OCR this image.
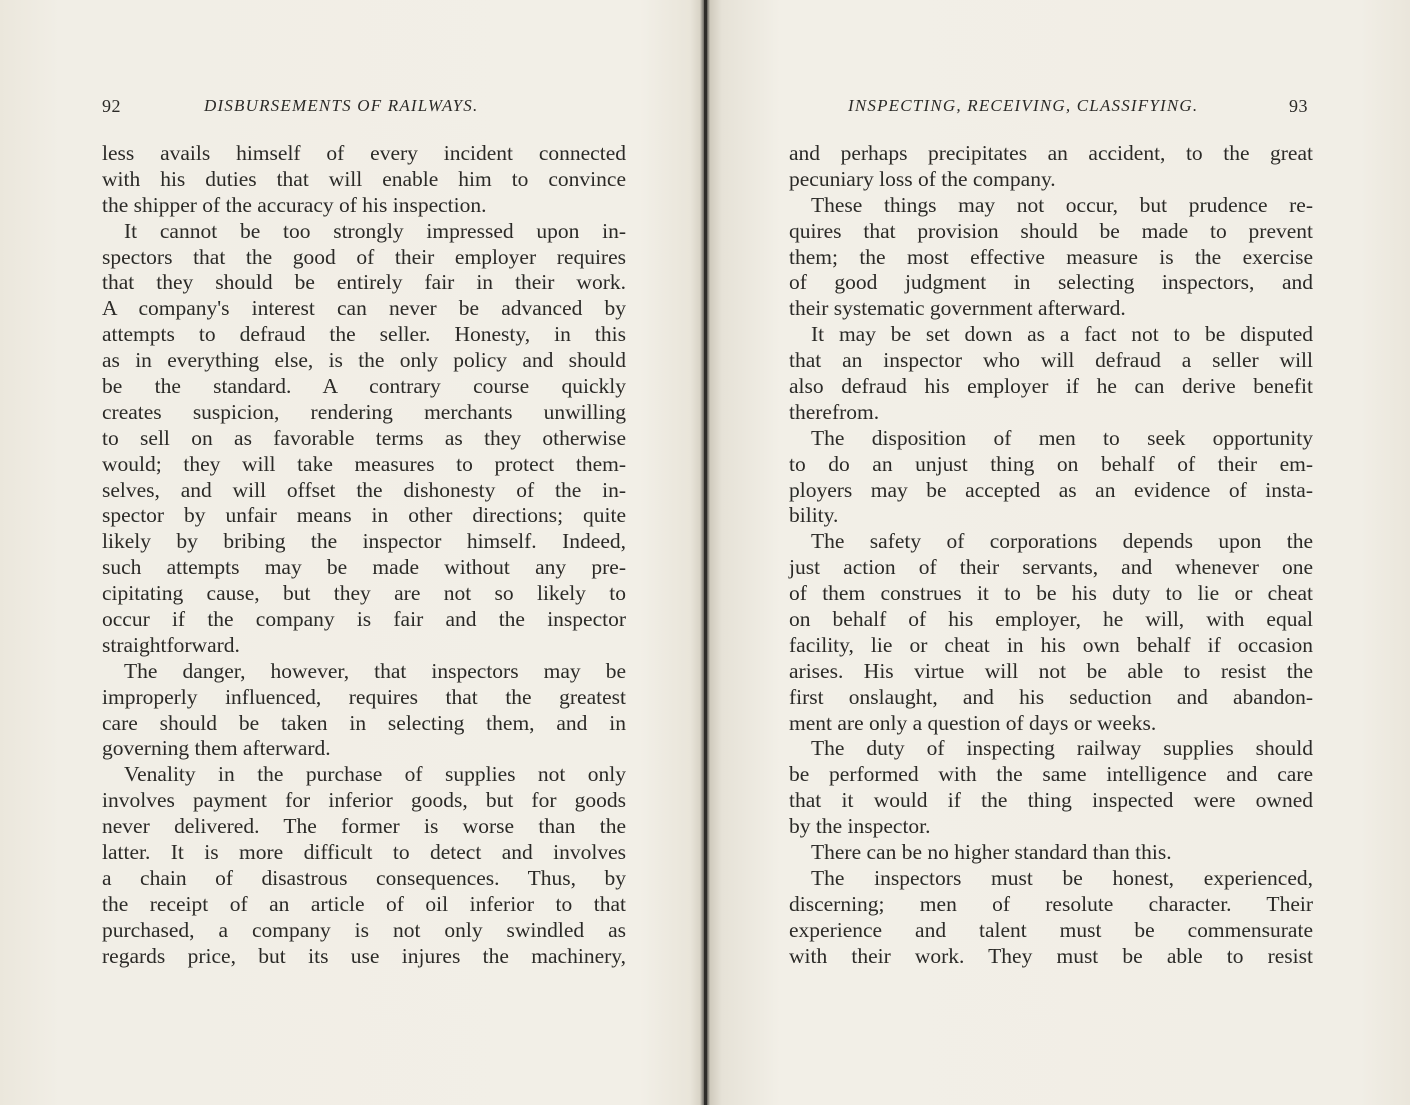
92	DISBURSEMENTS OF RAILWAYS.
less avails himself of every incident connected
with his duties that will enable him to convince
the shipper of the accuracy of his inspection.
It cannot be too strongly impressed upon in-
spectors that the good of their employer requires
that they should be entirely fair in their work.
A company's interest can never be advanced by
attempts to defraud the seller. Honesty, in this
as in everything else, is the only policy and should
be the standard. A contrary course quickly
creates suspicion, rendering merchants unwilling
to sell on as favorable terms as they otherwise
would; they will take measures to protect them-
selves, and will offset the dishonesty of the in-
spector by unfair means in other directions; quite
likely by bribing the inspector himself. Indeed,
such attempts may be made without any pre-
cipitating cause, but they are not so likely to
occur if the company is fair and the inspector
straightforward.
The danger, however, that inspectors may be
improperly influenced, requires that the greatest
care should be taken in selecting them, and in
governing them afterward.
Venality in the purchase of supplies not only
involves payment for inferior goods, but for goods
never delivered. The former is worse than the
latter. It is more difficult to detect and involves
a chain of disastrous consequences. Thus, by
the receipt of an article of oil inferior to that
purchased, a company is not only swindled as
regards price, but its use injures the machinery,
INSPECTING, RECEIVING, CLASSIFYING.	93
and perhaps precipitates an accident, to the great
pecuniary loss of the company.
These things may not occur, but prudence re-
quires that provision should be made to prevent
them; the most effective measure is the exercise
of good judgment in selecting inspectors, and
their systematic government afterward.
It may be set down as a fact not to be disputed
that an inspector who will defraud a seller will
also defraud his employer if he can derive benefit
therefrom.
The disposition of men to seek opportunity
to do an unjust thing on behalf of their em-
ployers may be accepted as an evidence of insta-
bility.
The safety of corporations depends upon the
just action of their servants, and whenever one
of them construes it to be his duty to lie or cheat
on behalf of his employer, he will, with equal
facility, lie or cheat in his own behalf if occasion
arises. His virtue will not be able to resist the
first onslaught, and his seduction and abandon-
ment are only a question of days or weeks.
The duty of inspecting railway supplies should
be performed with the same intelligence and care
that it would if the thing inspected were owned
by the inspector.
There can be no higher standard than this.
The inspectors must be honest, experienced,
discerning; men of resolute character. Their
experience and talent must be commensurate
with their work. They must be able to resist
